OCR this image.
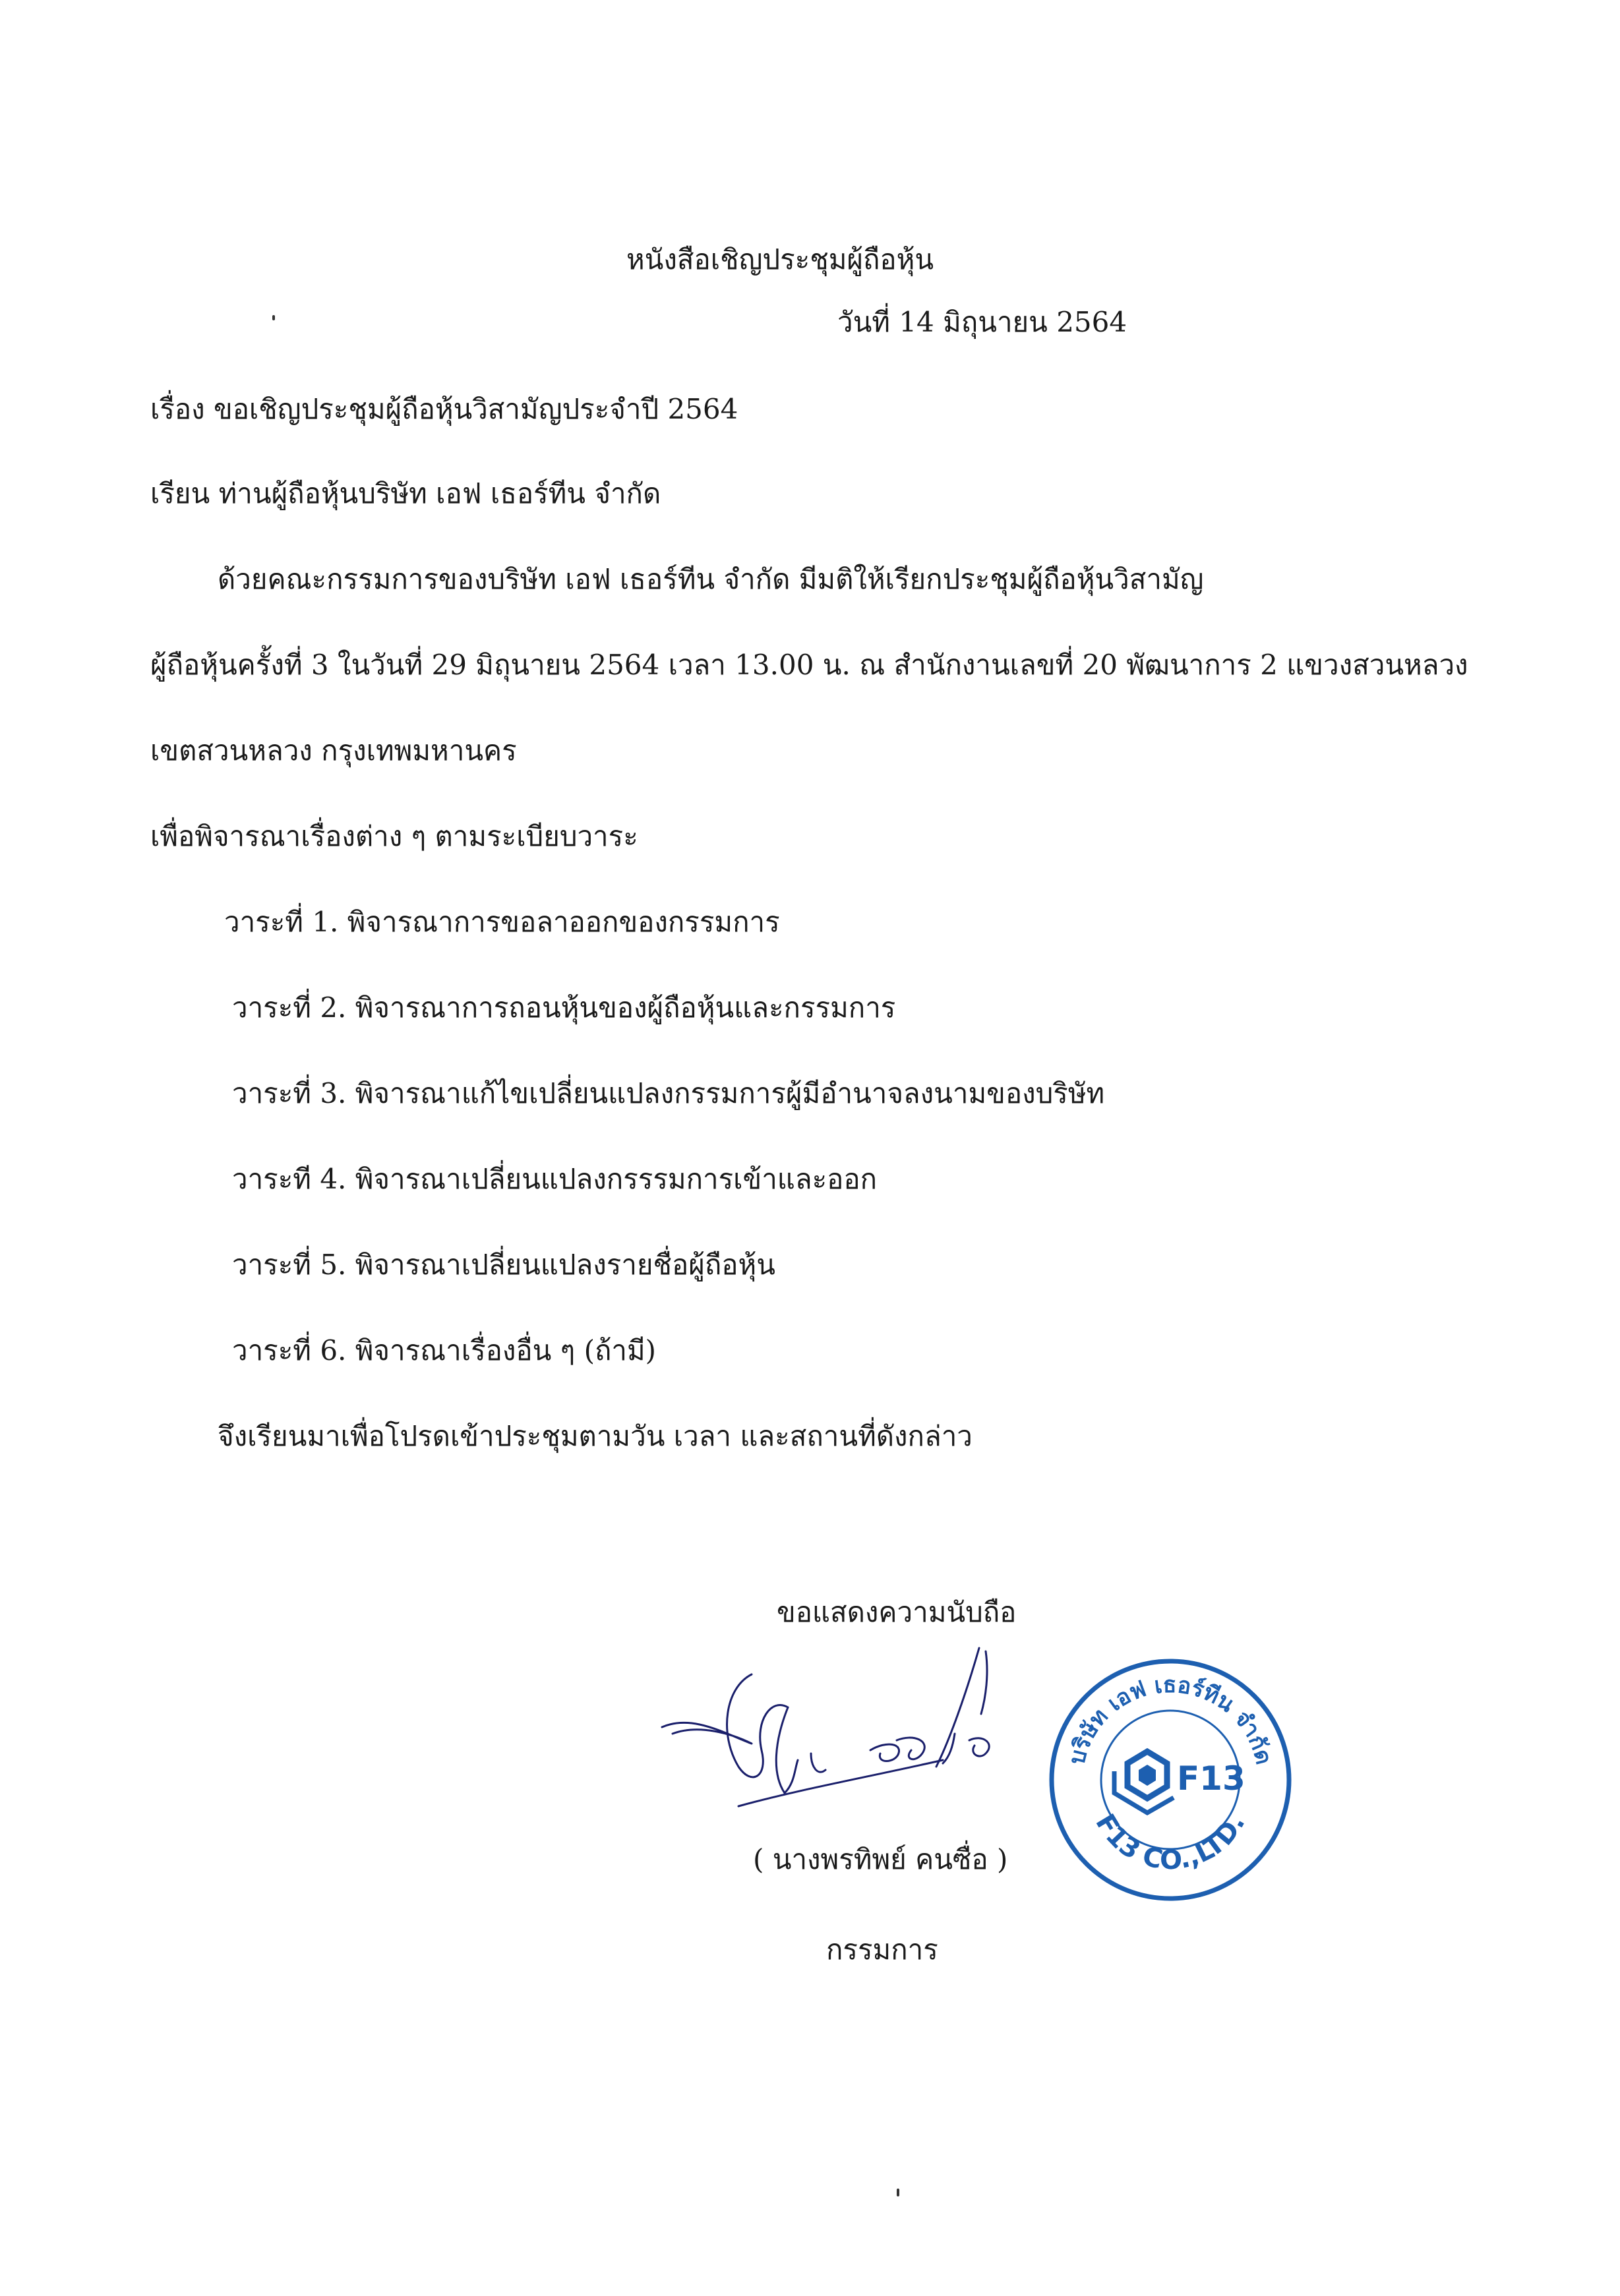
หนังสือเชิญประชุมผู้ถือหุ้น
วันที่ 14 มิถุนายน 2564
เรื่อง ขอเชิญประชุมผู้ถือหุ้นวิสามัญประจำปี 2564
เรียน ท่านผู้ถือหุ้นบริษัท เอฟ เธอร์ทีน จำกัด
ด้วยคณะกรรมการของบริษัท เอฟ เธอร์ทีน จำกัด มีมติให้เรียกประชุมผู้ถือหุ้นวิสามัญ
ผู้ถือหุ้นครั้งที่ 3 ในวันที่ 29 มิถุนายน 2564 เวลา 13.00 น. ณ สำนักงานเลขที่ 20 พัฒนาการ 2 แขวงสวนหลวง
เขตสวนหลวง กรุงเทพมหานคร
เพื่อพิจารณาเรื่องต่าง ๆ ตามระเบียบวาระ
วาระที่ 1. พิจารณาการขอลาออกของกรรมการ
วาระที่ 2. พิจารณาการถอนหุ้นของผู้ถือหุ้นและกรรมการ
วาระที่ 3. พิจารณาแก้ไขเปลี่ยนแปลงกรรมการผู้มีอำนาจลงนามของบริษัท
วาระที 4. พิจารณาเปลี่ยนแปลงกรรรมการเข้าและออก
วาระที่ 5. พิจารณาเปลี่ยนแปลงรายชื่อผู้ถือหุ้น
วาระที่ 6. พิจารณาเรื่องอื่น ๆ (ถ้ามี)
จึงเรียนมาเพื่อโปรดเข้าประชุมตามวัน เวลา และสถานที่ดังกล่าว
ขอแสดงความนับถือ
( นางพรทิพย์ คนซื่อ )
กรรมการ
บริษัท เอฟ เธอร์ทีน จำกัด
F13 CO.,LTD.
F13
